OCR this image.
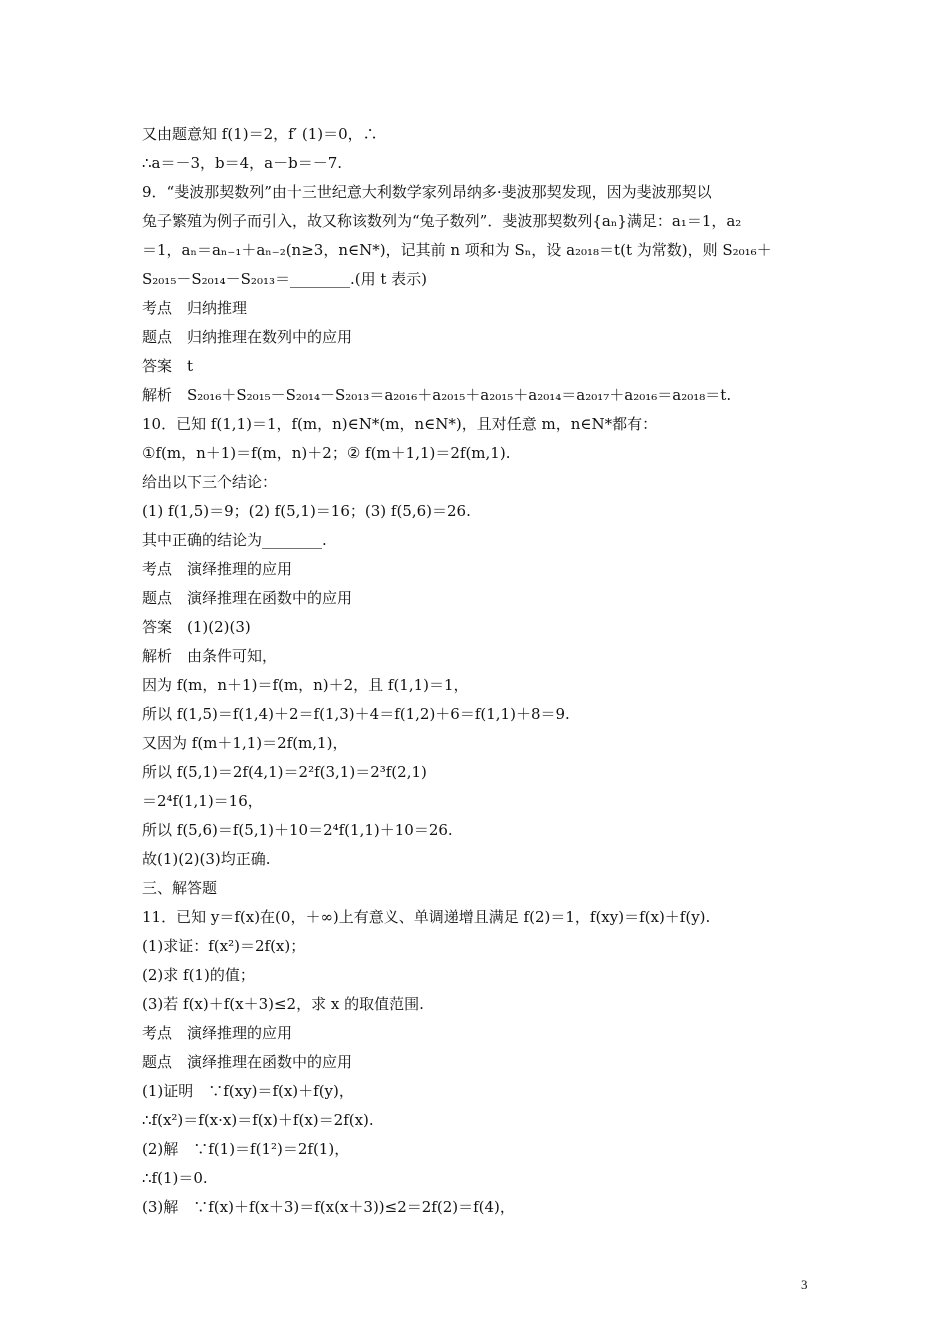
又由题意知 f(1)＝2，f′ (1)＝0，∴
∴a＝－3，b＝4，a－b＝－7.
9．“斐波那契数列”由十三世纪意大利数学家列昂纳多·斐波那契发现，因为斐波那契以
兔子繁殖为例子而引入，故又称该数列为“兔子数列”．斐波那契数列{aₙ}满足：a₁＝1，a₂
＝1，aₙ＝aₙ₋₁＋aₙ₋₂(n≥3，n∈N*)，记其前 n 项和为 Sₙ，设 a₂₀₁₈＝t(t 为常数)，则 S₂₀₁₆＋
S₂₀₁₅－S₂₀₁₄－S₂₀₁₃＝________.(用 t 表示)
考点　归纳推理
题点　归纳推理在数列中的应用
答案　t
解析　S₂₀₁₆＋S₂₀₁₅－S₂₀₁₄－S₂₀₁₃＝a₂₀₁₆＋a₂₀₁₅＋a₂₀₁₅＋a₂₀₁₄＝a₂₀₁₇＋a₂₀₁₆＝a₂₀₁₈＝t.
10．已知 f(1,1)＝1，f(m，n)∈N*(m，n∈N*)，且对任意 m，n∈N*都有：
①f(m，n＋1)＝f(m，n)＋2；② f(m＋1,1)＝2f(m,1).
给出以下三个结论：
(1) f(1,5)＝9；(2) f(5,1)＝16；(3) f(5,6)＝26.
其中正确的结论为________.
考点　演绎推理的应用
题点　演绎推理在函数中的应用
答案　(1)(2)(3)
解析　由条件可知，
因为 f(m，n＋1)＝f(m，n)＋2，且 f(1,1)＝1，
所以 f(1,5)＝f(1,4)＋2＝f(1,3)＋4＝f(1,2)＋6＝f(1,1)＋8＝9.
又因为 f(m＋1,1)＝2f(m,1)，
所以 f(5,1)＝2f(4,1)＝2²f(3,1)＝2³f(2,1)
＝2⁴f(1,1)＝16，
所以 f(5,6)＝f(5,1)＋10＝2⁴f(1,1)＋10＝26.
故(1)(2)(3)均正确.
三、解答题
11．已知 y＝f(x)在(0，＋∞)上有意义、单调递增且满足 f(2)＝1，f(xy)＝f(x)＋f(y).
(1)求证：f(x²)＝2f(x)；
(2)求 f(1)的值；
(3)若 f(x)＋f(x＋3)≤2，求 x 的取值范围.
考点　演绎推理的应用
题点　演绎推理在函数中的应用
(1)证明　∵f(xy)＝f(x)＋f(y)，
∴f(x²)＝f(x·x)＝f(x)＋f(x)＝2f(x).
(2)解　∵f(1)＝f(1²)＝2f(1)，
∴f(1)＝0.
(3)解　∵f(x)＋f(x＋3)＝f(x(x＋3))≤2＝2f(2)＝f(4)，
3
